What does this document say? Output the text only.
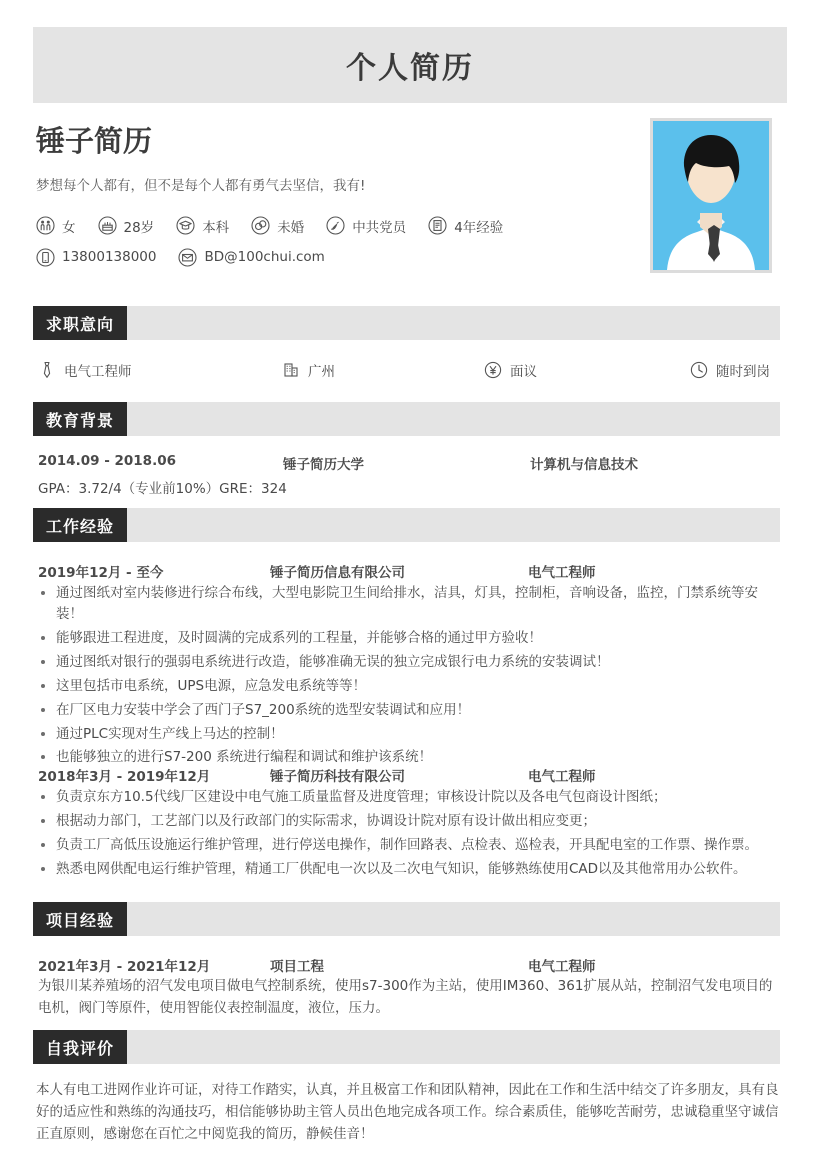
个人简历
锤子简历
梦想每个人都有，但不是每个人都有勇气去坚信，我有!
女	28岁	本科	未婚	中共党员	4年经验
13800138000	BD@100chui.com
求职意向
电气工程师	广州	面议	随时到岗
教育背景
2014.09 - 2018.06	锤子简历大学	计算机与信息技术
GPA：3.72/4（专业前10%）GRE：324
工作经验
2019年12月 - 至今	锤子简历信息有限公司	电气工程师
通过图纸对室内装修进行综合布线，大型电影院卫生间给排水，洁具，灯具，控制柜，音响设备，监控，门禁系统等安装！
能够跟进工程进度，及时圆满的完成系列的工程量，并能够合格的通过甲方验收！
通过图纸对银行的强弱电系统进行改造，能够准确无误的独立完成银行电力系统的安装调试！
这里包括市电系统，UPS电源，应急发电系统等等！
在厂区电力安装中学会了西门子S7_200系统的选型安装调试和应用！
通过PLC实现对生产线上马达的控制！
也能够独立的进行S7-200 系统进行编程和调试和维护该系统！
2018年3月 - 2019年12月	锤子简历科技有限公司	电气工程师
负责京东方10.5代线厂区建设中电气施工质量监督及进度管理；审核设计院以及各电气包商设计图纸；
根据动力部门，工艺部门以及行政部门的实际需求，协调设计院对原有设计做出相应变更；
负责工厂高低压设施运行维护管理，进行停送电操作，制作回路表、点检表、巡检表，开具配电室的工作票、操作票。
熟悉电网供配电运行维护管理，精通工厂供配电一次以及二次电气知识，能够熟练使用CAD以及其他常用办公软件。
项目经验
2021年3月 - 2021年12月	项目工程	电气工程师
为银川某养殖场的沼气发电项目做电气控制系统，使用s7-300作为主站，使用IM360、361扩展从站，控制沼气发电项目的电机，阀门等原件，使用智能仪表控制温度，液位，压力。
自我评价
本人有电工进网作业许可证，对待工作踏实，认真，并且极富工作和团队精神，因此在工作和生活中结交了许多朋友，具有良好的适应性和熟练的沟通技巧，相信能够协助主管人员出色地完成各项工作。综合素质佳，能够吃苦耐劳，忠诚稳重坚守诚信正直原则，感谢您在百忙之中阅览我的简历，静候佳音！
